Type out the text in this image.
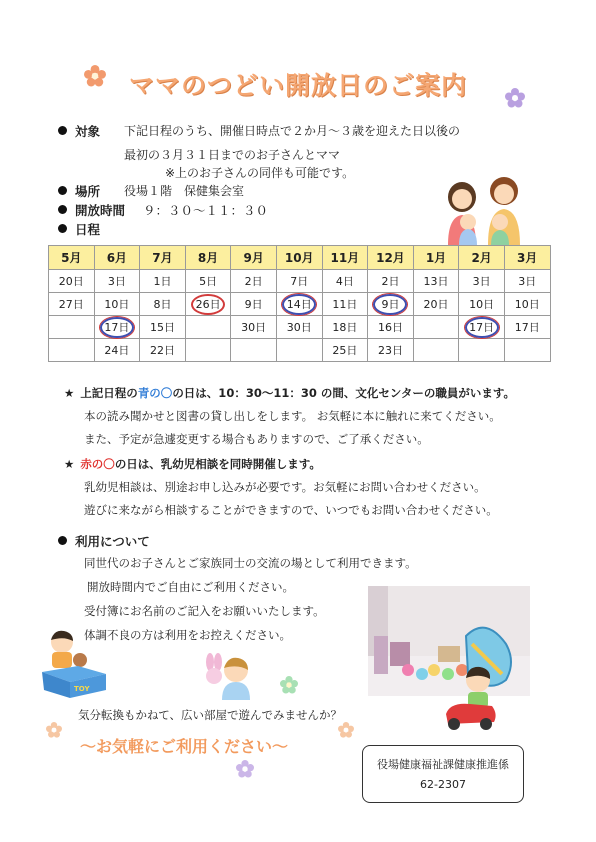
ママのつどい開放日のご案内
対象 下記日程のうち、開催日時点で２か月～３歳を迎えた日以後の
最初の３月３１日までのお子さんとママ
※上のお子さんの同伴も可能です。
場所 役場１階　保健集会室
開放時間 ９：３０～１１：３０
日程
5月	6月	7月	8月	9月	10月	11月	12月	1月	2月	3月
20日	3日	1日	5日	2日	7日	4日	2日	13日	3日	3日
27日	10日	8日	26日	9日	14日	11日	9日	20日	10日	10日
	17日	15日		30日	30日	18日	16日		17日	17日
	24日	22日				25日	23日			
★ 上記日程の青の〇の日は、10：30～11：30 の間、文化センターの職員がいます。
本の読み聞かせと図書の貸し出しをします。 お気軽に本に触れに来てください。
また、予定が急遽変更する場合もありますので、ご了承ください。
★ 赤の〇の日は、乳幼児相談を同時開催します。
乳幼児相談は、別途お申し込みが必要です。お気軽にお問い合わせください。
遊びに来ながら相談することができますので、いつでもお問い合わせください。
利用について
同世代のお子さんとご家族同士の交流の場として利用できます。
開放時間内でご自由にご利用ください。
受付簿にお名前のご記入をお願いいたします。
体調不良の方は利用をお控えください。
TOY
気分転換もかねて、広い部屋で遊んでみませんか？
～お気軽にご利用ください～
役場健康福祉課健康推進係
62-2307
